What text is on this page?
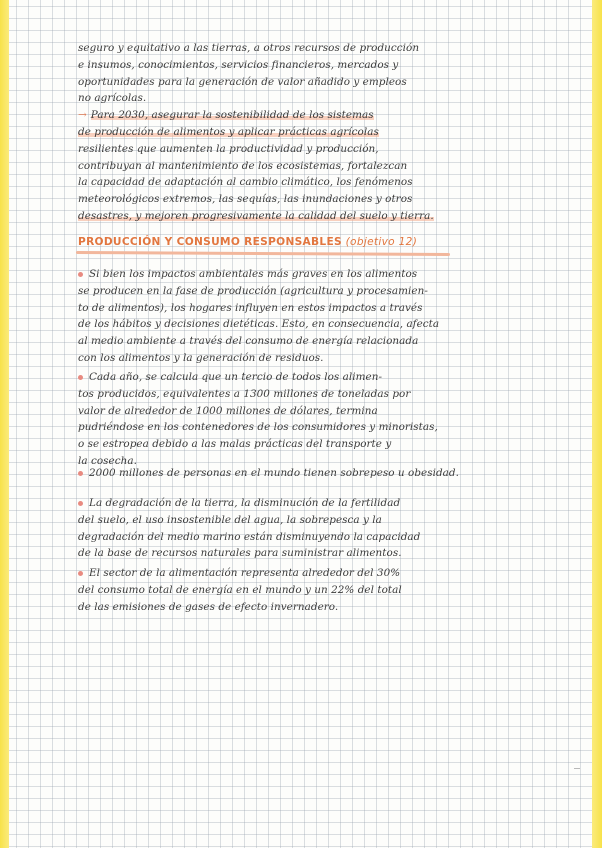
seguro y equitativo a las tierras, a otros recursos de producción

e insumos, conocimientos, servicios financieros, mercados y

oportunidades para la generación de valor añadido y empleos

no agrícolas.

→ Para 2030, asegurar la sostenibilidad de los sistemas

de producción de alimentos y aplicar prácticas agrícolas

resilientes que aumenten la productividad y producción,

contribuyan al mantenimiento de los ecosistemas, fortalezcan

la capacidad de adaptación al cambio climático, los fenómenos

meteorológicos extremos, las sequías, las inundaciones y otros

desastres, y mejoren progresivamente la calidad del suelo y tierra.

PRODUCCIÓN Y CONSUMO RESPONSABLES (objetivo 12)

Si bien los impactos ambientales más graves en los alimentos

se producen en la fase de producción (agricultura y procesamien-

to de alimentos), los hogares influyen en estos impactos a través

de los hábitos y decisiones dietéticas. Esto, en consecuencia, afecta

al medio ambiente a través del consumo de energía relacionada

con los alimentos y la generación de residuos.

Cada año, se calcula que un tercio de todos los alimen-

tos producidos, equivalentes a 1300 millones de toneladas por

valor de alrededor de 1000 millones de dólares, termina

pudriéndose en los contenedores de los consumidores y minoristas,

o se estropea debido a las malas prácticas del transporte y

la cosecha.

2000 millones de personas en el mundo tienen sobrepeso u obesidad.

La degradación de la tierra, la disminución de la fertilidad

del suelo, el uso insostenible del agua, la sobrepesca y la

degradación del medio marino están disminuyendo la capacidad

de la base de recursos naturales para suministrar alimentos.

El sector de la alimentación representa alrededor del 30%

del consumo total de energía en el mundo y un 22% del total

de las emisiones de gases de efecto invernadero.
